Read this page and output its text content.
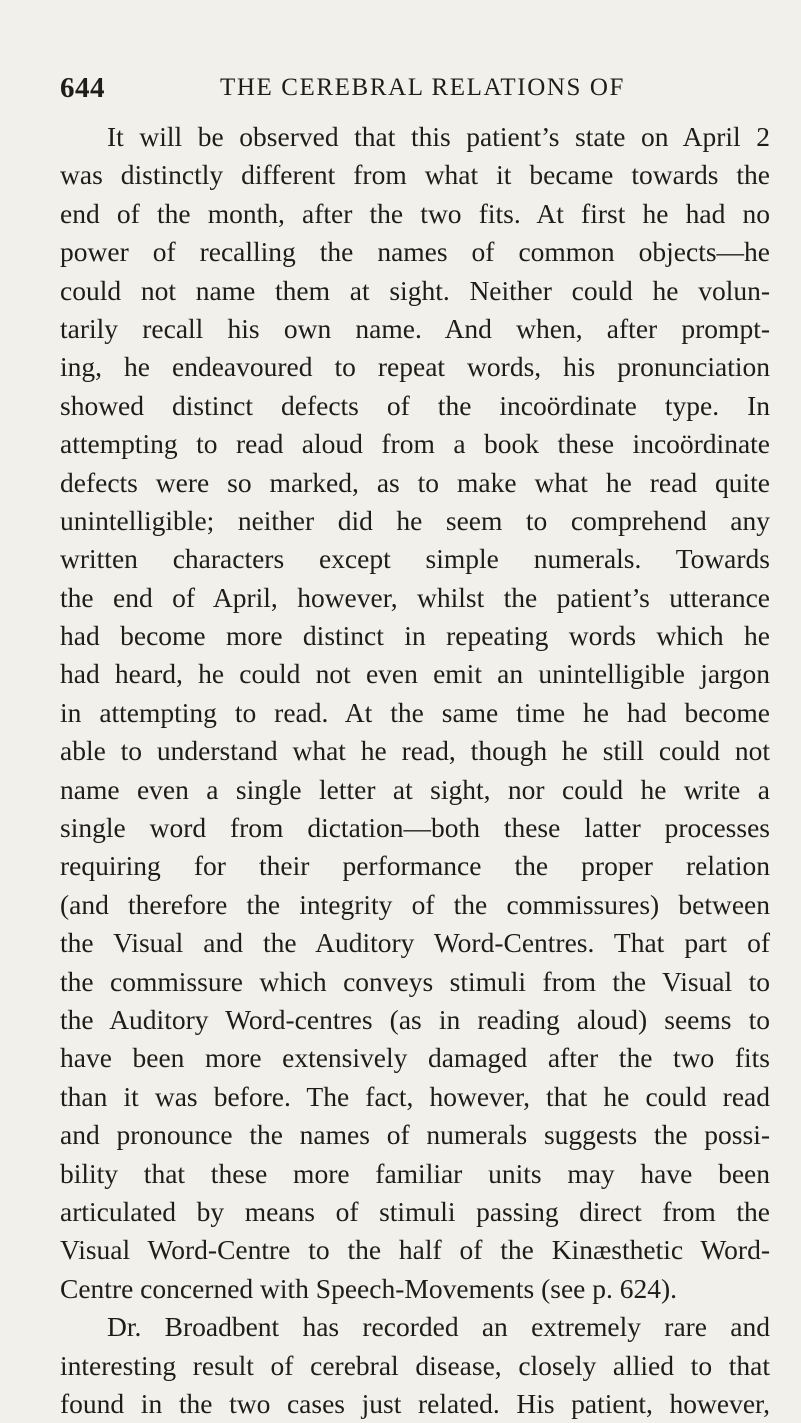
644	THE CEREBRAL RELATIONS OF
It will be observed that this patient’s state on April 2
was distinctly different from what it became towards the
end of the month, after the two fits. At first he had no
power of recalling the names of common objects—he
could not name them at sight. Neither could he volun-
tarily recall his own name. And when, after prompt-
ing, he endeavoured to repeat words, his pronunciation
showed distinct defects of the incoördinate type. In
attempting to read aloud from a book these incoördinate
defects were so marked, as to make what he read quite
unintelligible; neither did he seem to comprehend any
written characters except simple numerals. Towards
the end of April, however, whilst the patient’s utterance
had become more distinct in repeating words which he
had heard, he could not even emit an unintelligible jargon
in attempting to read. At the same time he had become
able to understand what he read, though he still could not
name even a single letter at sight, nor could he write a
single word from dictation—both these latter processes
requiring for their performance the proper relation
(and therefore the integrity of the commissures) between
the Visual and the Auditory Word-Centres. That part of
the commissure which conveys stimuli from the Visual to
the Auditory Word-centres (as in reading aloud) seems to
have been more extensively damaged after the two fits
than it was before. The fact, however, that he could read
and pronounce the names of numerals suggests the possi-
bility that these more familiar units may have been
articulated by means of stimuli passing direct from the
Visual Word-Centre to the half of the Kinæsthetic Word-
Centre concerned with Speech-Movements (see p. 624).
Dr. Broadbent has recorded an extremely rare and
interesting result of cerebral disease, closely allied to that
found in the two cases just related. His patient, however,
